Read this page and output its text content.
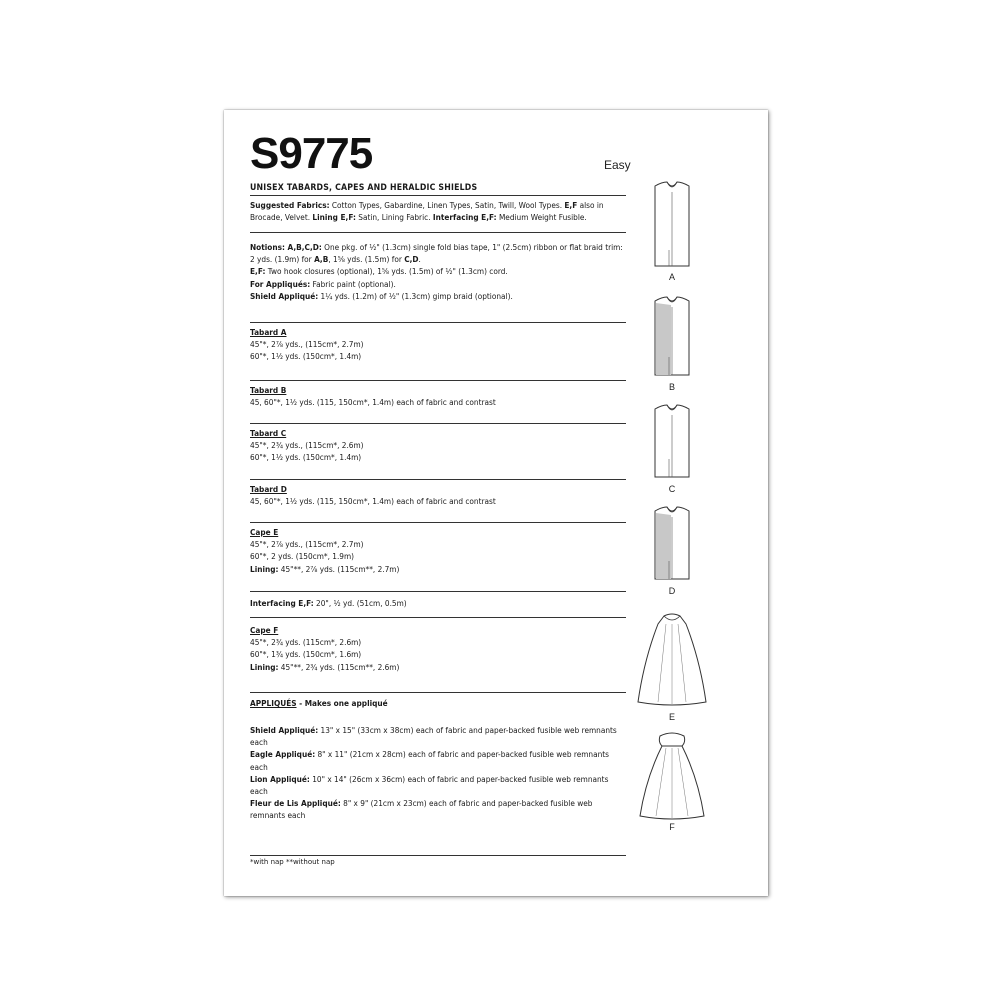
S9775	Easy
UNISEX TABARDS, CAPES AND HERALDIC SHIELDS
Suggested Fabrics: Cotton Types, Gabardine, Linen Types, Satin, Twill, Wool Types. E,F also in
Brocade, Velvet. Lining E,F: Satin, Lining Fabric. Interfacing E,F: Medium Weight Fusible.
Notions: A,B,C,D: One pkg. of ½" (1.3cm) single fold bias tape, 1" (2.5cm) ribbon or flat braid trim:
2 yds. (1.9m) for A,B, 1⅝ yds. (1.5m) for C,D.
E,F: Two hook closures (optional), 1⅝ yds. (1.5m) of ½" (1.3cm) cord.
For Appliqués: Fabric paint (optional).
Shield Appliqué: 1¼ yds. (1.2m) of ½" (1.3cm) gimp braid (optional).
Tabard A
45"*, 2⅞ yds., (115cm*, 2.7m)
60"*, 1½ yds. (150cm*, 1.4m)
Tabard B
45, 60"*, 1½ yds. (115, 150cm*, 1.4m) each of fabric and contrast
Tabard C
45"*, 2¾ yds., (115cm*, 2.6m)
60"*, 1½ yds. (150cm*, 1.4m)
Tabard D
45, 60"*, 1½ yds. (115, 150cm*, 1.4m) each of fabric and contrast
Cape E
45"*, 2⅞ yds., (115cm*, 2.7m)
60"*, 2 yds. (150cm*, 1.9m)
Lining: 45"**, 2⅞ yds. (115cm**, 2.7m)
Interfacing E,F: 20", ½ yd. (51cm, 0.5m)
Cape F
45"*, 2¾ yds. (115cm*, 2.6m)
60"*, 1¾ yds. (150cm*, 1.6m)
Lining: 45"**, 2¾ yds. (115cm**, 2.6m)
APPLIQUÉS - Makes one appliqué
Shield Appliqué: 13" x 15" (33cm x 38cm) each of fabric and paper-backed fusible web remnants
each
Eagle Appliqué: 8" x 11" (21cm x 28cm) each of fabric and paper-backed fusible web remnants
each
Lion Appliqué: 10" x 14" (26cm x 36cm) each of fabric and paper-backed fusible web remnants
each
Fleur de Lis Appliqué: 8" x 9" (21cm x 23cm) each of fabric and paper-backed fusible web
remnants each
*with nap **without nap
A
B
C
D
E
F
